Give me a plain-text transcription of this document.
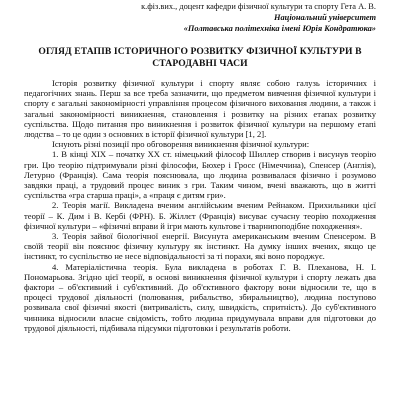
к.фіз.вих., доцент кафедри фізичної культури та спорту Гета А. В.
Національний університет
«Полтавська політехніка імені Юрія Кондратюка»
ОГЛЯД ЕТАПІВ ІСТОРИЧНОГО РОЗВИТКУ ФІЗИЧНОЇ КУЛЬТУРИ В СТАРОДАВНІ ЧАСИ

Історія розвитку фізичної культури і спорту являє собою галузь історичних і педагогічних знань. Перш за все треба зазначити, що предметом вивчення фізичної культури і спорту є загальні закономірності управління процесом фізичного виховання людини, а також і загальні закономірності виникнення, становлення і розвитку на різних етапах розвитку суспільства. Щодо питання про виникнення і розвиток фізичної культури на першому етапі людства – то це один з основних в історії фізичної культури [1, 2].

Існують різні позиції про обговорення виникнення фізичної культури:

1. В кінці ХІХ – початку ХХ ст. німецький філософ Шиллер створив і висунув теорію гри. Цю теорію підтримували різні філософи, Бюхер і Гросс (Німеччина), Спенсер (Англія), Летурно (Франція). Сама теорія пояснювала, що людина розвивалася фізично і розумово завдяки праці, а трудовий процес виник з гри. Таким чином, вчені вважають, що в житті суспільства «гра старша праці», а «праця є дитям гри».

2. Теорія магії. Викладена вченим англійським вченим Рейнаком. Прихильники цієї теорії – К. Дим і В. Кербі (ФРН). Б. Жіллєт (Франція) висуває сучасну теорію походження фізичної культури – «фізичні вправи й ігри мають культове і тварнипоподібне походження».

3. Теорія зайвої біологічної енергії. Висунута американським вченим Спенсером. В своїй теорії він пояснює фізичну культуру як інстинкт. На думку інших вчених, якщо це інстинкт, то суспільство не несе відповідальності за ті порахи, які воно породжує.

4. Матеріалістична теорія. Була викладена в роботах Г. В. Плеханова, Н. І. Пономарьова. Згідно цієї теорії, в основі виникнення фізичної культури і спорту лежать два фактори – об'єктивний і суб'єктивний. До об'єктивного фактору вони відносили те, що в процесі трудової діяльності (полювання, рибальство, збиральництво), людина поступово розвивала свої фізичні якості (витривалість, силу, швидкість, спритність). До суб'єктивного чинника відносили власне свідомість, тобто людина придумувала вправи для підготовки до трудової діяльності, підбивала підсумки підготовки і результатів роботи.
